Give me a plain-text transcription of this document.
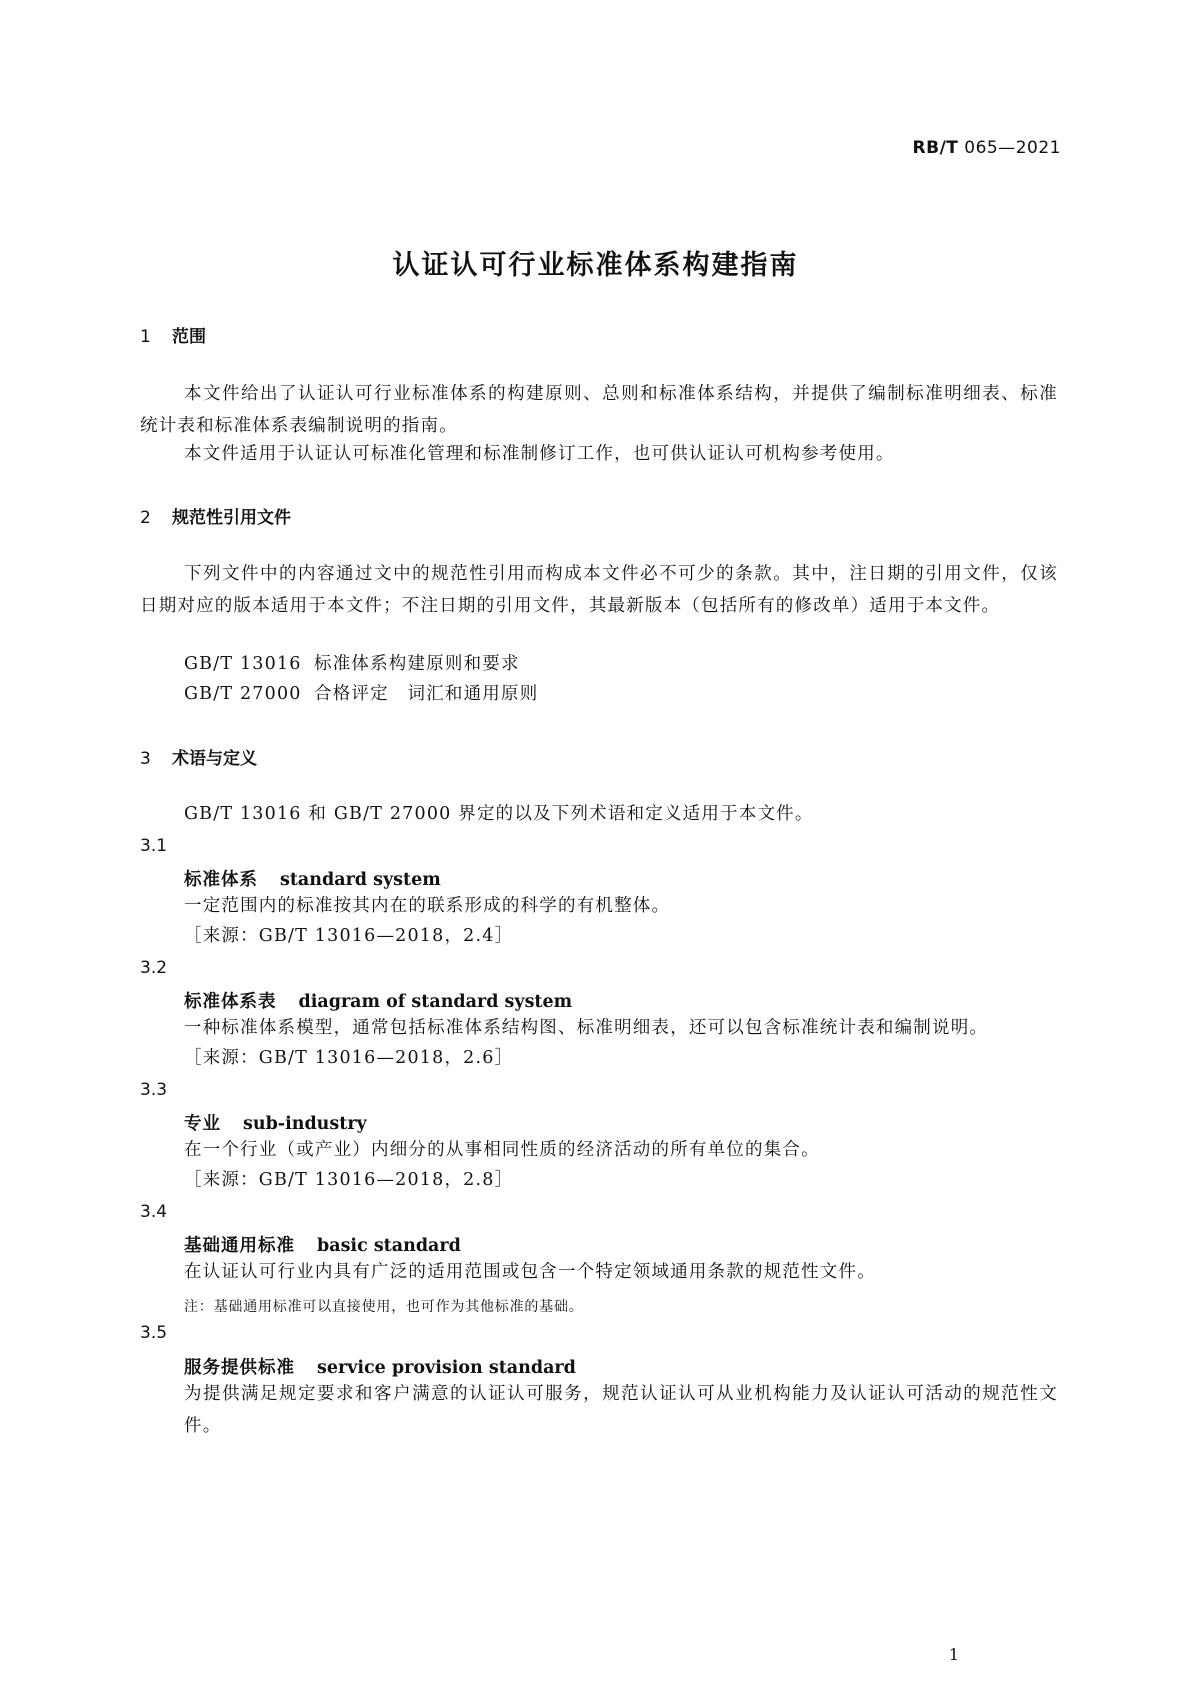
RB/T 065—2021
认证认可行业标准体系构建指南
1 范围
本文件给出了认证认可行业标准体系的构建原则、总则和标准体系结构，并提供了编制标准明细表、标准统计表和标准体系表编制说明的指南。
本文件适用于认证认可标准化管理和标准制修订工作，也可供认证认可机构参考使用。
2 规范性引用文件
下列文件中的内容通过文中的规范性引用而构成本文件必不可少的条款。其中，注日期的引用文件，仅该日期对应的版本适用于本文件；不注日期的引用文件，其最新版本（包括所有的修改单）适用于本文件。
GB/T 13016 标准体系构建原则和要求
GB/T 27000 合格评定　词汇和通用原则
3 术语与定义
GB/T 13016 和 GB/T 27000 界定的以及下列术语和定义适用于本文件。
3.1
标准体系 standard system
一定范围内的标准按其内在的联系形成的科学的有机整体。
［来源：GB/T 13016—2018，2.4］
3.2
标准体系表 diagram of standard system
一种标准体系模型，通常包括标准体系结构图、标准明细表，还可以包含标准统计表和编制说明。
［来源：GB/T 13016—2018，2.6］
3.3
专业 sub-industry
在一个行业（或产业）内细分的从事相同性质的经济活动的所有单位的集合。
［来源：GB/T 13016—2018，2.8］
3.4
基础通用标准 basic standard
在认证认可行业内具有广泛的适用范围或包含一个特定领域通用条款的规范性文件。
注：基础通用标准可以直接使用，也可作为其他标准的基础。
3.5
服务提供标准 service provision standard
为提供满足规定要求和客户满意的认证认可服务，规范认证认可从业机构能力及认证认可活动的规范性文件。
1
